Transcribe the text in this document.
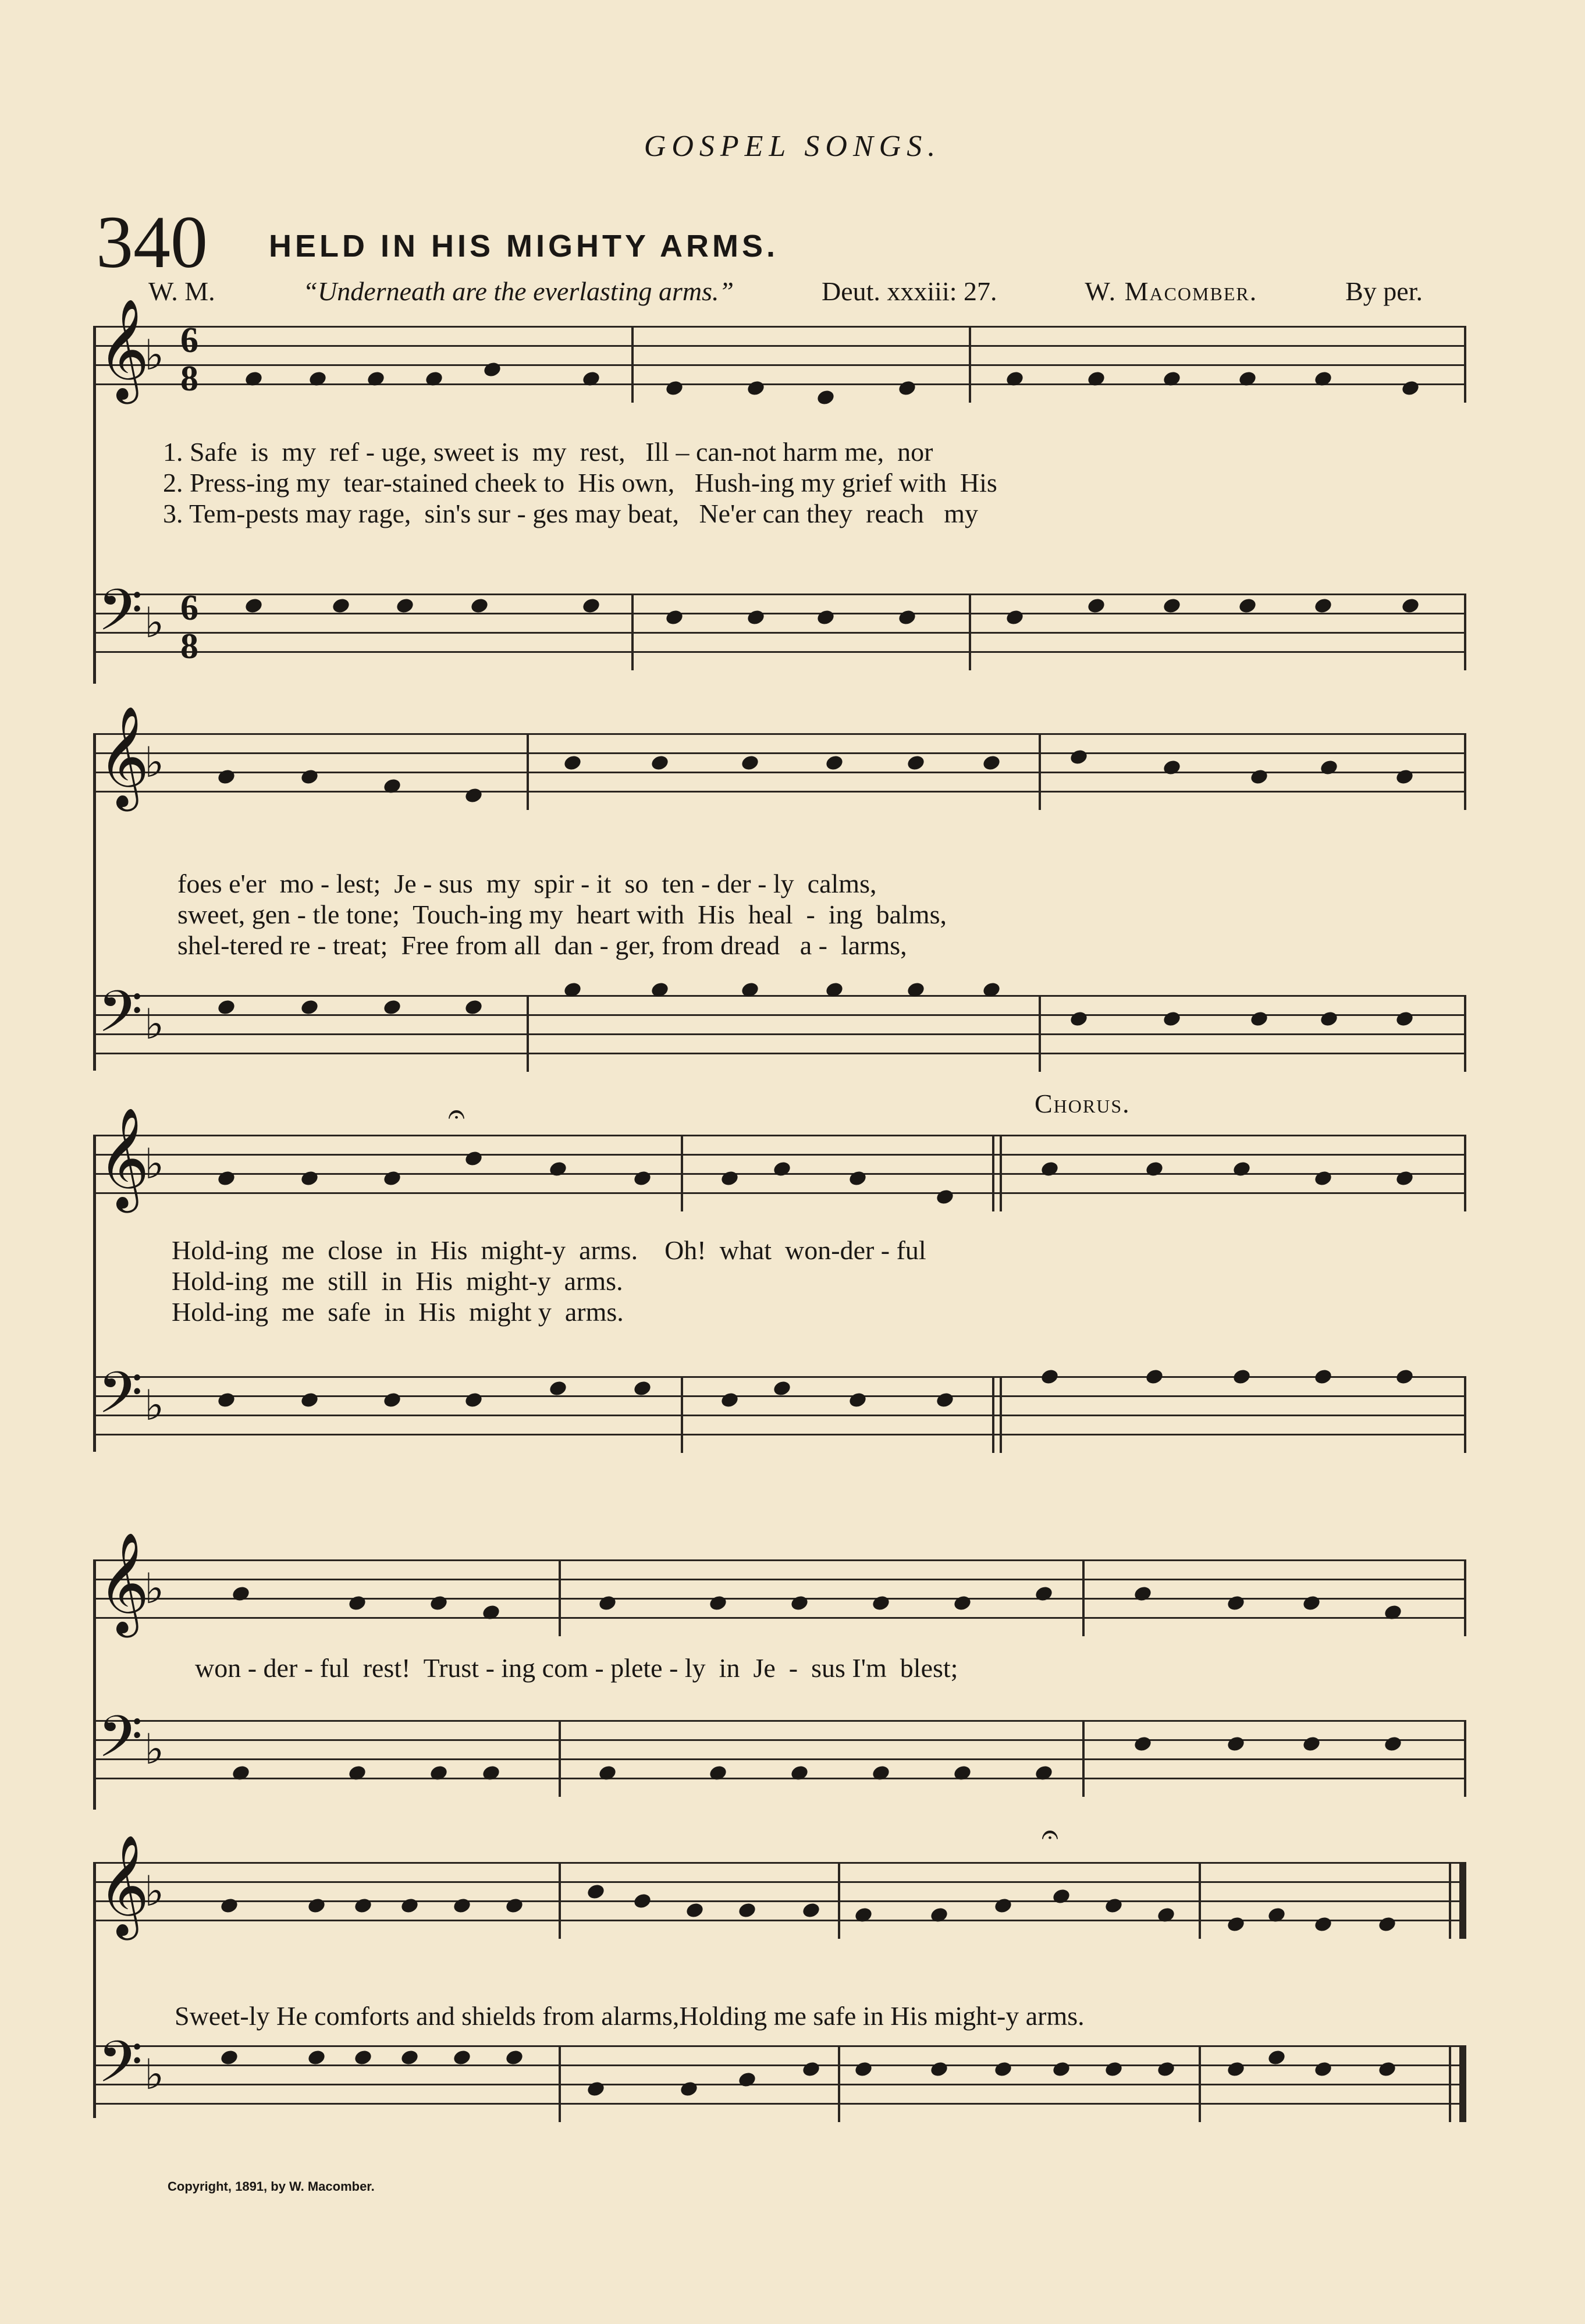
GOSPEL SONGS.
340 HELD IN HIS MIGHTY ARMS.
W. M.	“Underneath are the everlasting arms.”	Deut. xxxiii: 27.	W. Macomber.	By per.
𝄞
♭ 6
8
1. Safe  is  my  ref - uge, sweet is  my  rest,   Ill – can-not harm me,  nor
2. Press-ing my  tear-stained cheek to  His own,   Hush-ing my grief with  His
3. Tem-pests may rage,  sin's sur - ges may beat,   Ne'er can they  reach   my
𝄢 ♭ 6
8
𝄞
♭
foes e'er  mo - lest;  Je - sus  my  spir - it  so  ten - der - ly  calms,
sweet, gen - tle tone;  Touch-ing my  heart with  His  heal  -  ing  balms,
shel-tered re - treat;  Free from all  dan - ger, from dread   a -  larms,
𝄢 ♭
Chorus.
𝄐
𝄞
♭
Hold-ing  me  close  in  His  might-y  arms.    Oh!  what  won-der - ful
Hold-ing  me  still  in  His  might-y  arms.
Hold-ing  me  safe  in  His  might y  arms.
𝄢 ♭
𝄞
♭
won - der - ful  rest!  Trust - ing com - plete - ly  in  Je  -  sus I'm  blest;
𝄢 ♭
𝄐
𝄞
♭
Sweet-ly He comforts and shields from alarms,Holding me safe in His might-y arms.
𝄢 ♭
Copyright, 1891, by W. Macomber.
